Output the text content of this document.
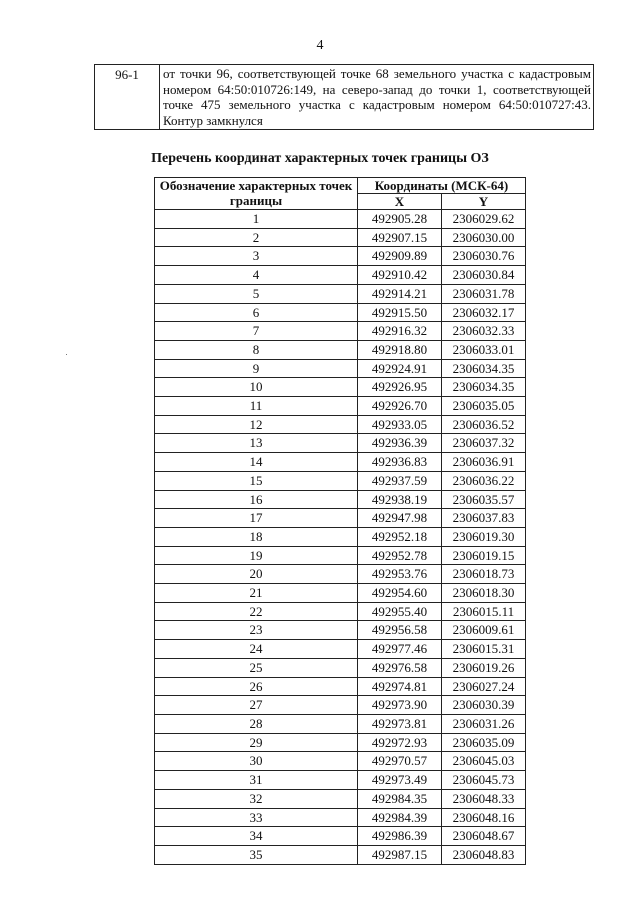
4
96-1	от точки 96, соответствующей точке 68 земельного участка с кадастровым номером 64:50:010726:149, на северо-запад до точки 1, соответствующей точке 475 земельного участка с кадастровым номером 64:50:010727:43. Контур замкнулся
Перечень координат характерных точек границы ОЗ
Обозначение характерных точек границы	Координаты (МСК-64)	
	X	Y
1	492905.28	2306029.62
2	492907.15	2306030.00
3	492909.89	2306030.76
4	492910.42	2306030.84
5	492914.21	2306031.78
6	492915.50	2306032.17
7	492916.32	2306032.33
8	492918.80	2306033.01
9	492924.91	2306034.35
10	492926.95	2306034.35
11	492926.70	2306035.05
12	492933.05	2306036.52
13	492936.39	2306037.32
14	492936.83	2306036.91
15	492937.59	2306036.22
16	492938.19	2306035.57
17	492947.98	2306037.83
18	492952.18	2306019.30
19	492952.78	2306019.15
20	492953.76	2306018.73
21	492954.60	2306018.30
22	492955.40	2306015.11
23	492956.58	2306009.61
24	492977.46	2306015.31
25	492976.58	2306019.26
26	492974.81	2306027.24
27	492973.90	2306030.39
28	492973.81	2306031.26
29	492972.93	2306035.09
30	492970.57	2306045.03
31	492973.49	2306045.73
32	492984.35	2306048.33
33	492984.39	2306048.16
34	492986.39	2306048.67
35	492987.15	2306048.83
